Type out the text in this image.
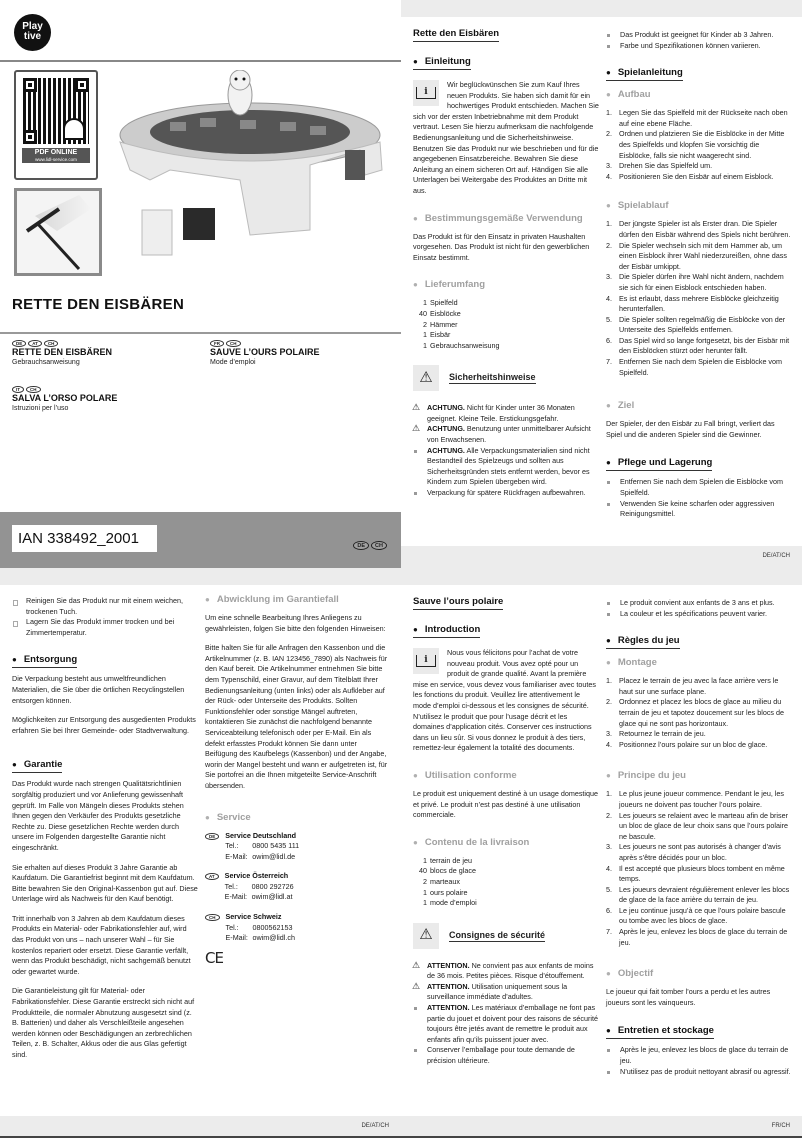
Play
tive
PDF ONLINE
www.lidl-service.com
RETTE DEN EISBÄREN
DE	AT	CH
RETTE DEN EISBÄREN
Gebrauchsanweisung
FR	CH
SAUVE L’OURS POLAIRE
Mode d’emploi
IT	CH
SALVA L’ORSO POLARE
Istruzioni per l’uso
IAN 338492_2001	DE	CH
Rette den Eisbären
● Einleitung
i

Wir beglückwünschen Sie zum Kauf Ihres neuen Produkts. Sie haben sich damit für ein hochwertiges Produkt entschieden. Machen Sie sich vor der ersten Inbetriebnahme mit dem Produkt vertraut. Lesen Sie hierzu aufmerksam die nachfolgende Bedienungsanleitung und die Sicherheitshinweise. Benutzen Sie das Produkt nur wie beschrieben und für die angegebenen Einsatzbereiche. Bewahren Sie diese Anleitung an einem sicheren Ort auf. Händigen Sie alle Unterlagen bei Weitergabe des Produktes an Dritte mit aus.

● Bestimmungsgemäße Verwendung

Das Produkt ist für den Einsatz in privaten Haushalten vorgesehen. Das Produkt ist nicht für den gewerblichen Einsatz bestimmt.

● Lieferumfang
1 Spielfeld
40 Eisblöcke
2 Hämmer
1 Eisbär
1 Gebrauchsanweisung
⚠	Sicherheitshinweise
⚠ ACHTUNG. Nicht für Kinder unter 36 Monaten geeignet. Kleine Teile. Erstickungsgefahr.
⚠ ACHTUNG. Benutzung unter unmittelbarer Aufsicht von Erwachsenen.
ACHTUNG. Alle Verpackungsmaterialien sind nicht Bestandteil des Spielzeugs und sollten aus Sicherheitsgründen stets entfernt werden, bevor es Kindern zum Spielen übergeben wird.
Verpackung für spätere Rückfragen aufbewahren.
Das Produkt ist geeignet für Kinder ab 3 Jahren.
Farbe und Spezifikationen können variieren.
● Spielanleitung
● Aufbau
1. Legen Sie das Spielfeld mit der Rückseite nach oben auf eine ebene Fläche.
2. Ordnen und platzieren Sie die Eisblöcke in der Mitte des Spielfelds und klopfen Sie vorsichtig die Eisblöcke, falls sie nicht waagerecht sind.
3. Drehen Sie das Spielfeld um.
4. Positionieren Sie den Eisbär auf einem Eisblock.
● Spielablauf
1. Der jüngste Spieler ist als Erster dran. Die Spieler dürfen den Eisbär während des Spiels nicht berühren.
2. Die Spieler wechseln sich mit dem Hammer ab, um einen Eisblock ihrer Wahl niederzureißen, ohne dass der Eisbär umkippt.
3. Die Spieler dürfen ihre Wahl nicht ändern, nachdem sie sich für einen Eisblock entschieden haben.
4. Es ist erlaubt, dass mehrere Eisblöcke gleichzeitig herunterfallen.
5. Die Spieler sollten regelmäßig die Eisblöcke von der Unterseite des Spielfelds entfernen.
6. Das Spiel wird so lange fortgesetzt, bis der Eisbär mit den Eisblöcken stürzt oder herunter fällt.
7. Entfernen Sie nach dem Spielen die Eisblöcke vom Spielfeld.
● Ziel

Der Spieler, der den Eisbär zu Fall bringt, verliert das Spiel und die anderen Spieler sind die Gewinner.

● Pflege und Lagerung
Entfernen Sie nach dem Spielen die Eisblöcke vom Spielfeld.
Verwenden Sie keine scharfen oder aggressiven Reinigungsmittel.
DE/AT/CH
Reinigen Sie das Produkt nur mit einem weichen, trockenen Tuch.
Lagern Sie das Produkt immer trocken und bei Zimmertemperatur.
● Entsorgung

Die Verpackung besteht aus umweltfreundlichen Materialien, die Sie über die örtlichen Recyclingstellen entsorgen können.

Möglichkeiten zur Entsorgung des ausgedienten Produkts erfahren Sie bei Ihrer Gemeinde- oder Stadtverwaltung.

● Garantie

Das Produkt wurde nach strengen Qualitätsrichtlinien sorgfältig produziert und vor Anlieferung gewissenhaft geprüft. Im Falle von Mängeln dieses Produkts stehen Ihnen gegen den Verkäufer des Produkts gesetzliche Rechte zu. Diese gesetzlichen Rechte werden durch unsere im Folgenden dargestellte Garantie nicht eingeschränkt.

Sie erhalten auf dieses Produkt 3 Jahre Garantie ab Kaufdatum. Die Garantiefrist beginnt mit dem Kaufdatum. Bitte bewahren Sie den Original-Kassenbon gut auf. Diese Unterlage wird als Nachweis für den Kauf benötigt.

Tritt innerhalb von 3 Jahren ab dem Kaufdatum dieses Produkts ein Material- oder Fabrikationsfehler auf, wird das Produkt von uns – nach unserer Wahl – für Sie kostenlos repariert oder ersetzt. Diese Garantie verfällt, wenn das Produkt beschädigt, nicht sachgemäß benutzt oder gewartet wurde.

Die Garantieleistung gilt für Material- oder Fabrikationsfehler. Diese Garantie erstreckt sich nicht auf Produktteile, die normaler Abnutzung ausgesetzt sind (z. B. Batterien) und daher als Verschleißteile angesehen werden können oder Beschädigungen an zerbrechlichen Teilen, z. B. Schalter, Akkus oder die aus Glas gefertigt sind.

● Abwicklung im Garantiefall

Um eine schnelle Bearbeitung Ihres Anliegens zu gewährleisten, folgen Sie bitte den folgenden Hinweisen:

Bitte halten Sie für alle Anfragen den Kassenbon und die Artikelnummer (z. B. IAN 123456_7890) als Nachweis für den Kauf bereit. Die Artikelnummer entnehmen Sie bitte dem Typenschild, einer Gravur, auf dem Titelblatt Ihrer Bedienungsanleitung (unten links) oder als Aufkleber auf der Rück- oder Unterseite des Produkts. Sollten Funktionsfehler oder sonstige Mängel auftreten, kontaktieren Sie zunächst die nachfolgend benannte Serviceabteilung telefonisch oder per E-Mail. Ein als defekt erfasstes Produkt können Sie dann unter Beifügung des Kaufbelegs (Kassenbon) und der Angabe, worin der Mangel besteht und wann er aufgetreten ist, für Sie portofrei an die Ihnen mitgeteilte Service-Anschrift übersenden.

● Service
DE	Service Deutschland
Tel.:	0800 5435 111
E-Mail: owim@lidl.de
AT	Service Österreich
Tel.:	0800 292726
E-Mail: owim@lidl.at
CH	Service Schweiz
Tel.:	0800562153
E-Mail: owim@lidl.ch
CE
DE/AT/CH
Sauve l’ours polaire
● Introduction
i

Nous vous félicitons pour l’achat de votre nouveau produit. Vous avez opté pour un produit de grande qualité. Avant la première mise en service, vous devez vous familiariser avec toutes les fonctions du produit. Veuillez lire attentivement le mode d’emploi ci-dessous et les consignes de sécurité. N’utilisez le produit que pour l’usage décrit et les domaines d’application cités. Conserver ces instructions dans un lieu sûr. Si vous donnez le produit à des tiers, remettez-leur également la totalité des documents.

● Utilisation conforme

Le produit est uniquement destiné à un usage domestique et privé. Le produit n’est pas destiné à une utilisation commerciale.

● Contenu de la livraison
1 terrain de jeu
40 blocs de glace
2 marteaux
1 ours polaire
1 mode d’emploi
⚠	Consignes de sécurité
⚠ ATTENTION. Ne convient pas aux enfants de moins de 36 mois. Petites pièces. Risque d’étouffement.
⚠ ATTENTION. Utilisation uniquement sous la surveillance immédiate d’adultes.
ATTENTION. Les matériaux d’emballage ne font pas partie du jouet et doivent pour des raisons de sécurité toujours être jetés avant de remettre le produit aux enfants afin qu’ils puissent jouer avec.
Conserver l’emballage pour toute demande de précision ultérieure.
Le produit convient aux enfants de 3 ans et plus.
La couleur et les spécifications peuvent varier.
● Règles du jeu
● Montage
1. Placez le terrain de jeu avec la face arrière vers le haut sur une surface plane.
2. Ordonnez et placez les blocs de glace au milieu du terrain de jeu et tapotez doucement sur les blocs de glace qui ne sont pas horizontaux.
3. Retournez le terrain de jeu.
4. Positionnez l’ours polaire sur un bloc de glace.
● Principe du jeu
1. Le plus jeune joueur commence. Pendant le jeu, les joueurs ne doivent pas toucher l’ours polaire.
2. Les joueurs se relaient avec le marteau afin de briser un bloc de glace de leur choix sans que l’ours polaire ne bascule.
3. Les joueurs ne sont pas autorisés à changer d’avis après s’être décidés pour un bloc.
4. Il est accepté que plusieurs blocs tombent en même temps.
5. Les joueurs devraient régulièrement enlever les blocs de glace de la face arrière du terrain de jeu.
6. Le jeu continue jusqu’à ce que l’ours polaire bascule ou tombe avec les blocs de glace.
7. Après le jeu, enlevez les blocs de glace du terrain de jeu.
● Objectif

Le joueur qui fait tomber l’ours a perdu et les autres joueurs sont les vainqueurs.

● Entretien et stockage
Après le jeu, enlevez les blocs de glace du terrain de jeu.
N’utilisez pas de produit nettoyant abrasif ou agressif.
FR/CH
